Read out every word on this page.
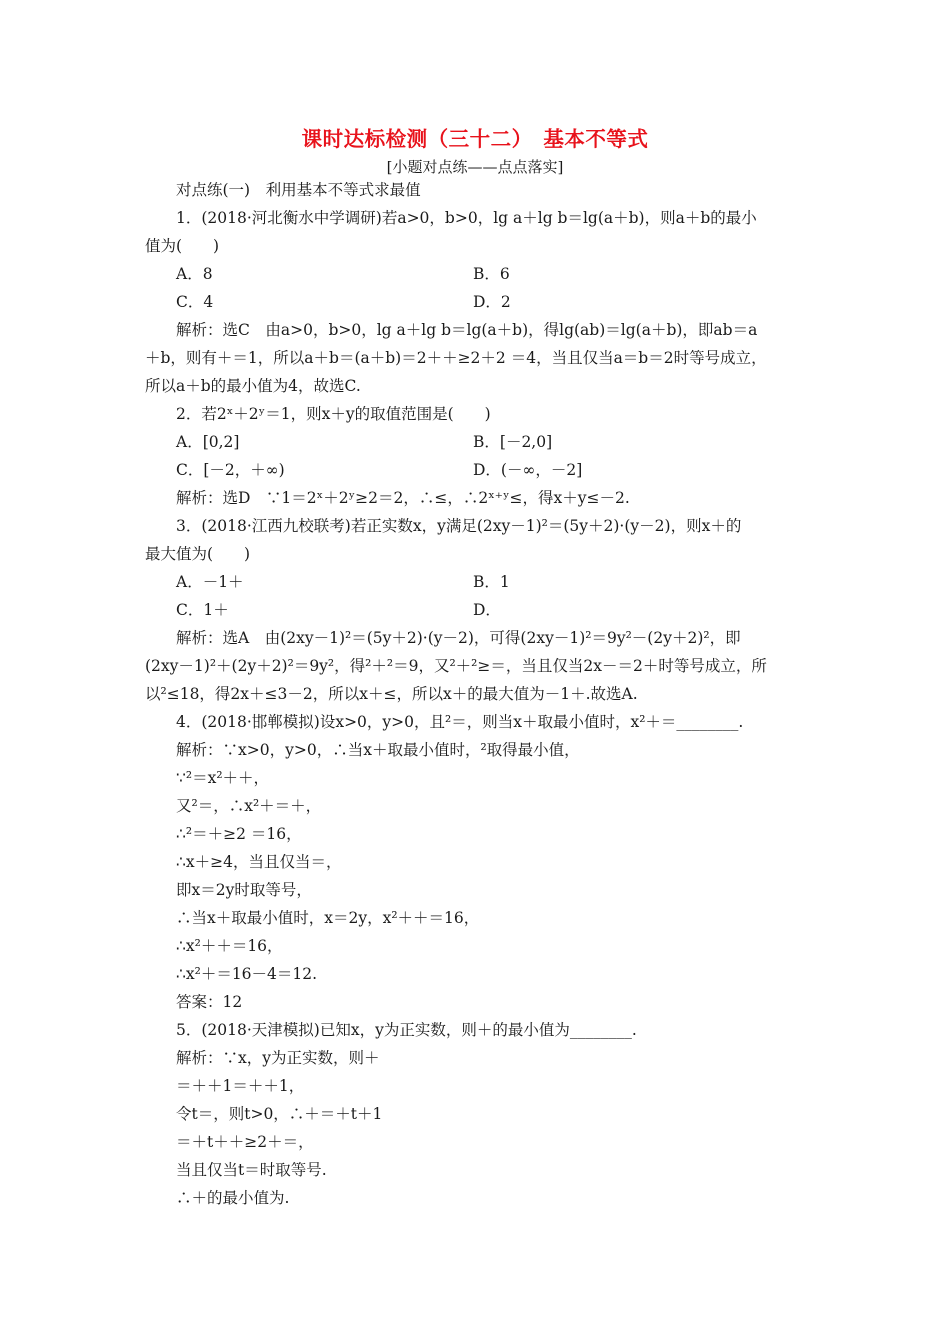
课时达标检测（三十二）　基本不等式
[小题对点练——点点落实]
对点练(一)　利用基本不等式求最值
1．(2018·河北衡水中学调研)若a>0，b>0，lg a＋lg b＝lg(a＋b)，则a＋b的最小
值为(　　)
A．8	B．6
C．4	D．2
解析：选C　由a>0，b>0，lg a＋lg b＝lg(a＋b)，得lg(ab)＝lg(a＋b)，即ab＝a
＋b，则有＋＝1，所以a＋b＝(a＋b)＝2＋＋≥2＋2 ＝4，当且仅当a＝b＝2时等号成立，
所以a＋b的最小值为4，故选C.
2．若2ˣ＋2ʸ＝1，则x＋y的取值范围是(　　)
A．[0,2]	B．[－2,0]
C．[－2，＋∞)	D．(－∞，－2]
解析：选D　∵1＝2ˣ＋2ʸ≥2＝2，∴≤，∴2ˣ⁺ʸ≤，得x＋y≤－2.
3．(2018·江西九校联考)若正实数x，y满足(2xy－1)²＝(5y＋2)·(y－2)，则x＋的
最大值为(　　)
A．－1＋	B．1
C．1＋	D．
解析：选A　由(2xy－1)²＝(5y＋2)·(y－2)，可得(2xy－1)²＝9y²－(2y＋2)²，即
(2xy－1)²＋(2y＋2)²＝9y²，得²＋²＝9，又²＋²≥＝，当且仅当2x－＝2＋时等号成立，所
以²≤18，得2x＋≤3－2，所以x＋≤，所以x＋的最大值为－1＋.故选A.
4．(2018·邯郸模拟)设x>0，y>0，且²＝，则当x＋取最小值时，x²＋＝________.
解析：∵x>0，y>0，∴当x＋取最小值时，²取得最小值，
∵²＝x²＋＋，
又²＝，∴x²＋＝＋，
∴²＝＋≥2 ＝16，
∴x＋≥4，当且仅当＝，
即x＝2y时取等号，
∴当x＋取最小值时，x＝2y，x²＋＋＝16，
∴x²＋＋＝16，
∴x²＋＝16－4＝12.
答案：12
5．(2018·天津模拟)已知x，y为正实数，则＋的最小值为________.
解析：∵x，y为正实数，则＋
＝＋＋1＝＋＋1，
令t＝，则t>0，∴＋＝＋t＋1
＝＋t＋＋≥2＋＝，
当且仅当t＝时取等号.
∴＋的最小值为.
